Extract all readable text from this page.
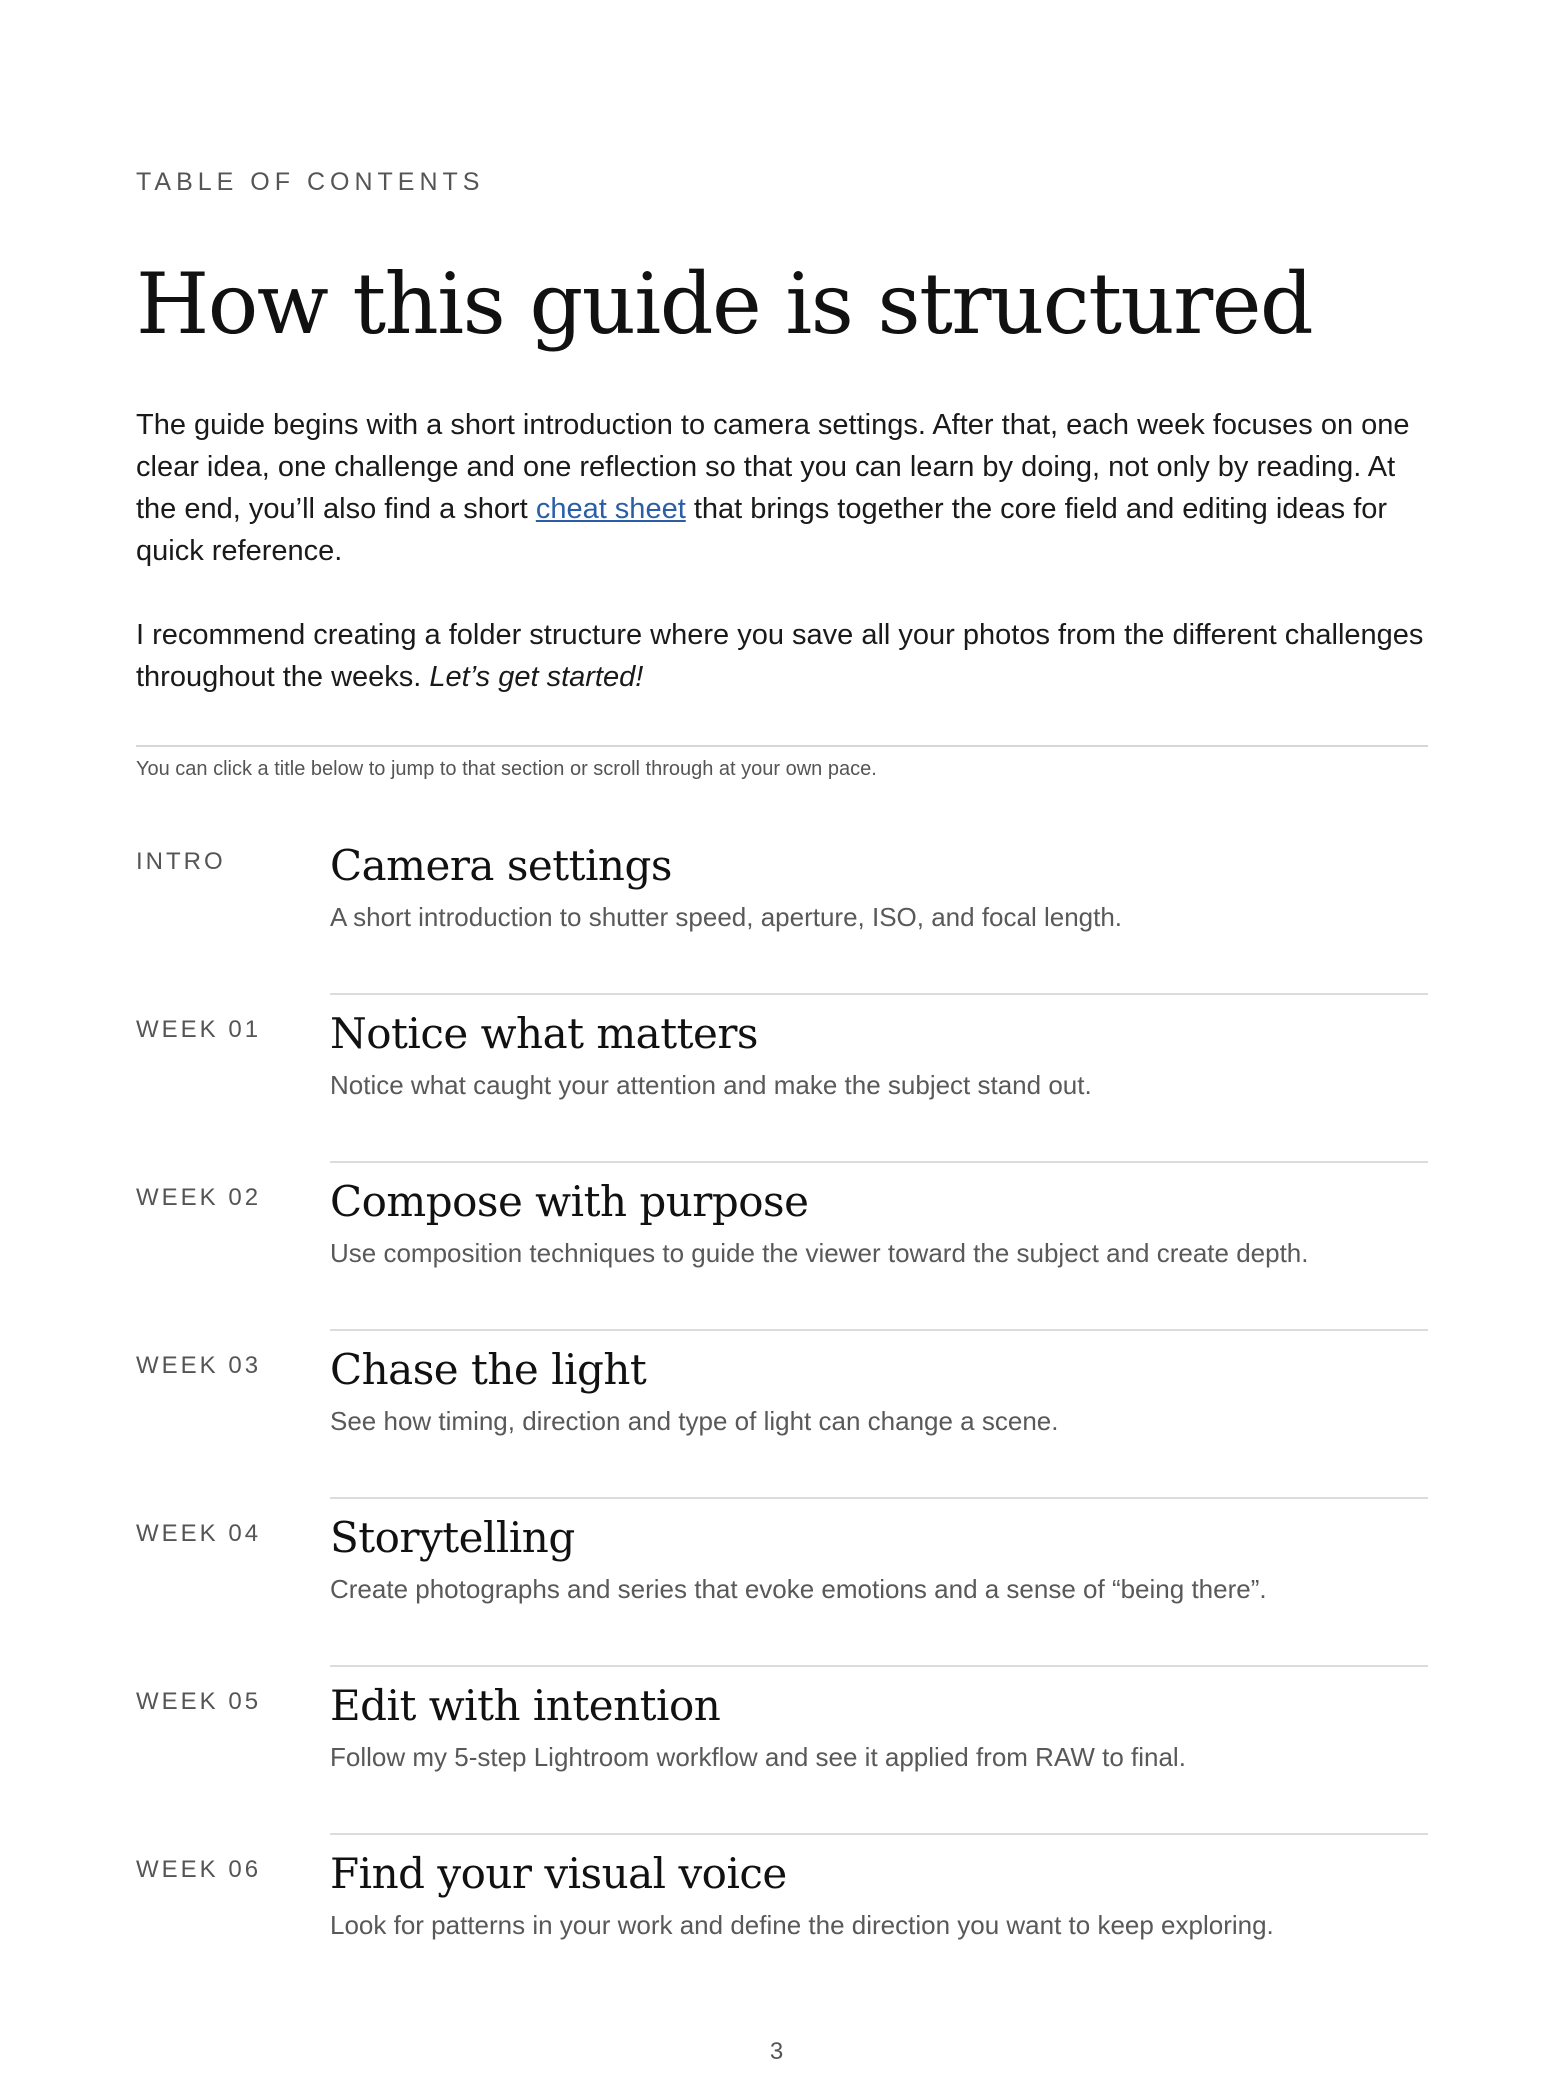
TABLE OF CONTENTS
How this guide is structured

The guide begins with a short introduction to camera settings. After that, each week focuses on one clear idea, one challenge and one reflection so that you can learn by doing, not only by reading. At the end, you’ll also find a short cheat sheet that brings together the core field and editing ideas for quick reference.

I recommend creating a folder structure where you save all your photos from the different challenges throughout the weeks. Let’s get started!

You can click a title below to jump to that section or scroll through at your own pace.
INTRO Camera settings
A short introduction to shutter speed, aperture, ISO, and focal length.
WEEK 01 Notice what matters
Notice what caught your attention and make the subject stand out.
WEEK 02 Compose with purpose
Use composition techniques to guide the viewer toward the subject and create depth.
WEEK 03 Chase the light
See how timing, direction and type of light can change a scene.
WEEK 04 Storytelling
Create photographs and series that evoke emotions and a sense of “being there”.
WEEK 05 Edit with intention
Follow my 5-step Lightroom workflow and see it applied from RAW to final.
WEEK 06 Find your visual voice
Look for patterns in your work and define the direction you want to keep exploring.
3
